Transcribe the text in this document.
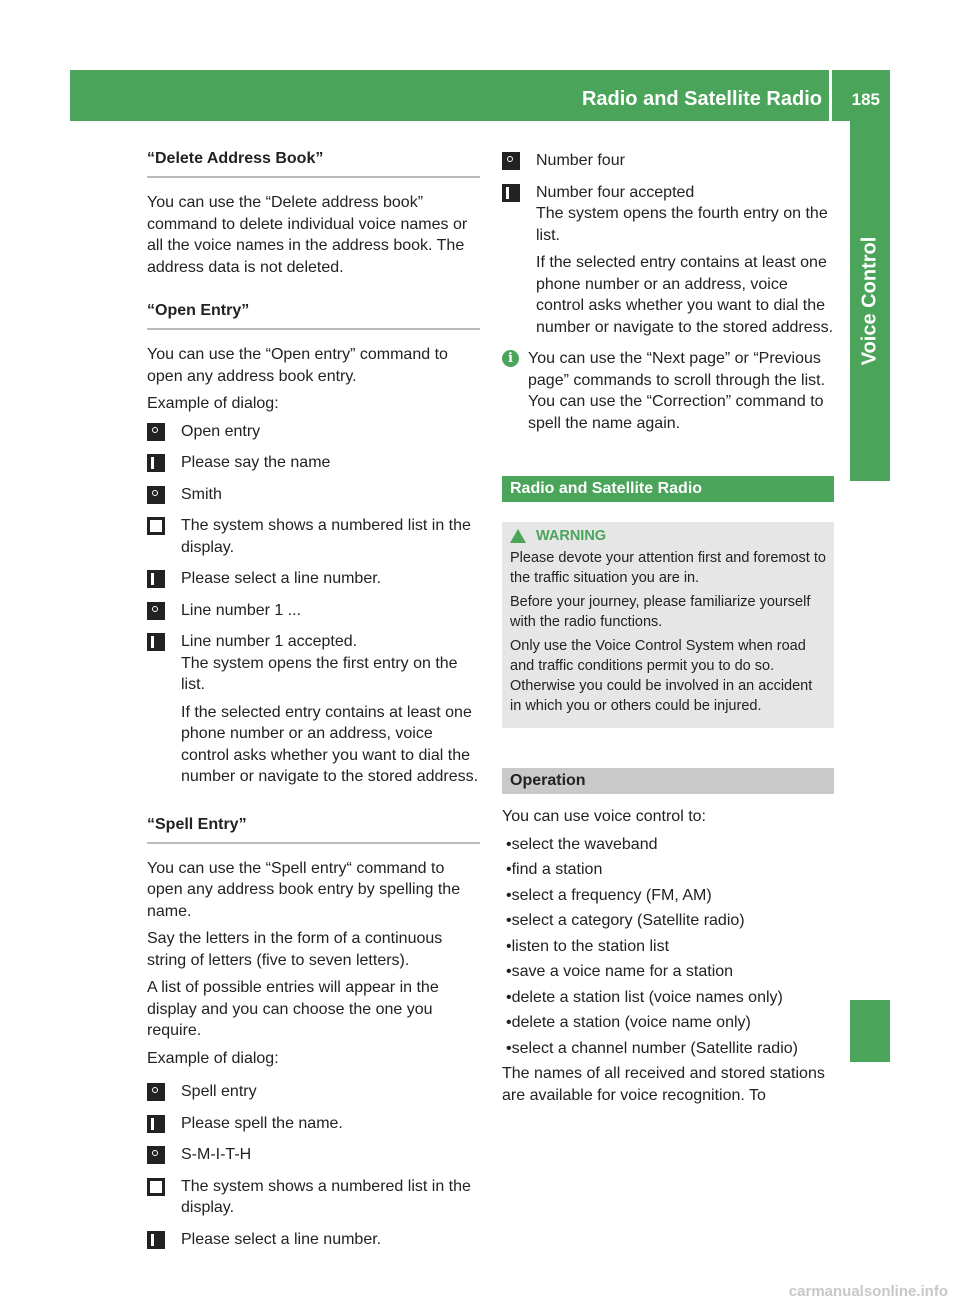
Radio and Satellite Radio 185
Voice Control
“Delete Address Book”

You can use the “Delete address book” command to delete individual voice names or all the voice names in the address book. The address data is not deleted.

“Open Entry”

You can use the “Open entry” command to open any address book entry.

Example of dialog:

Open entry

Please say the name

Smith

The system shows a numbered list in the display.

Please select a line number.

Line number 1 ...

Line number 1 accepted.

The system opens the first entry on the list.

If the selected entry contains at least one phone number or an address, voice control asks whether you want to dial the number or navigate to the stored address.

“Spell Entry”

You can use the “Spell entry“ command to open any address book entry by spelling the name.

Say the letters in the form of a continuous string of letters (five to seven letters).

A list of possible entries will appear in the display and you can choose the one you require.

Example of dialog:

Spell entry

Please spell the name.

S-M-I-T-H

The system shows a numbered list in the display.

Please select a line number.

Number four

Number four accepted

The system opens the fourth entry on the list.

If the selected entry contains at least one phone number or an address, voice control asks whether you want to dial the number or navigate to the stored address.

i You can use the “Next page” or “Previous page” commands to scroll through the list. You can use the “Correction” command to spell the name again.
Radio and Satellite Radio
WARNING

Please devote your attention first and foremost to the traffic situation you are in.

Before your journey, please familiarize yourself with the radio functions.

Only use the Voice Control System when road and traffic conditions permit you to do so. Otherwise you could be involved in an accident in which you or others could be injured.

Operation

You can use voice control to:

• select the waveband
• find a station
• select a frequency (FM, AM)
• select a category (Satellite radio)
• listen to the station list
• save a voice name for a station
• delete a station list (voice names only)
• delete a station (voice name only)
• select a channel number (Satellite radio)

The names of all received and stored stations are available for voice recognition. To

carmanualsonline.info
